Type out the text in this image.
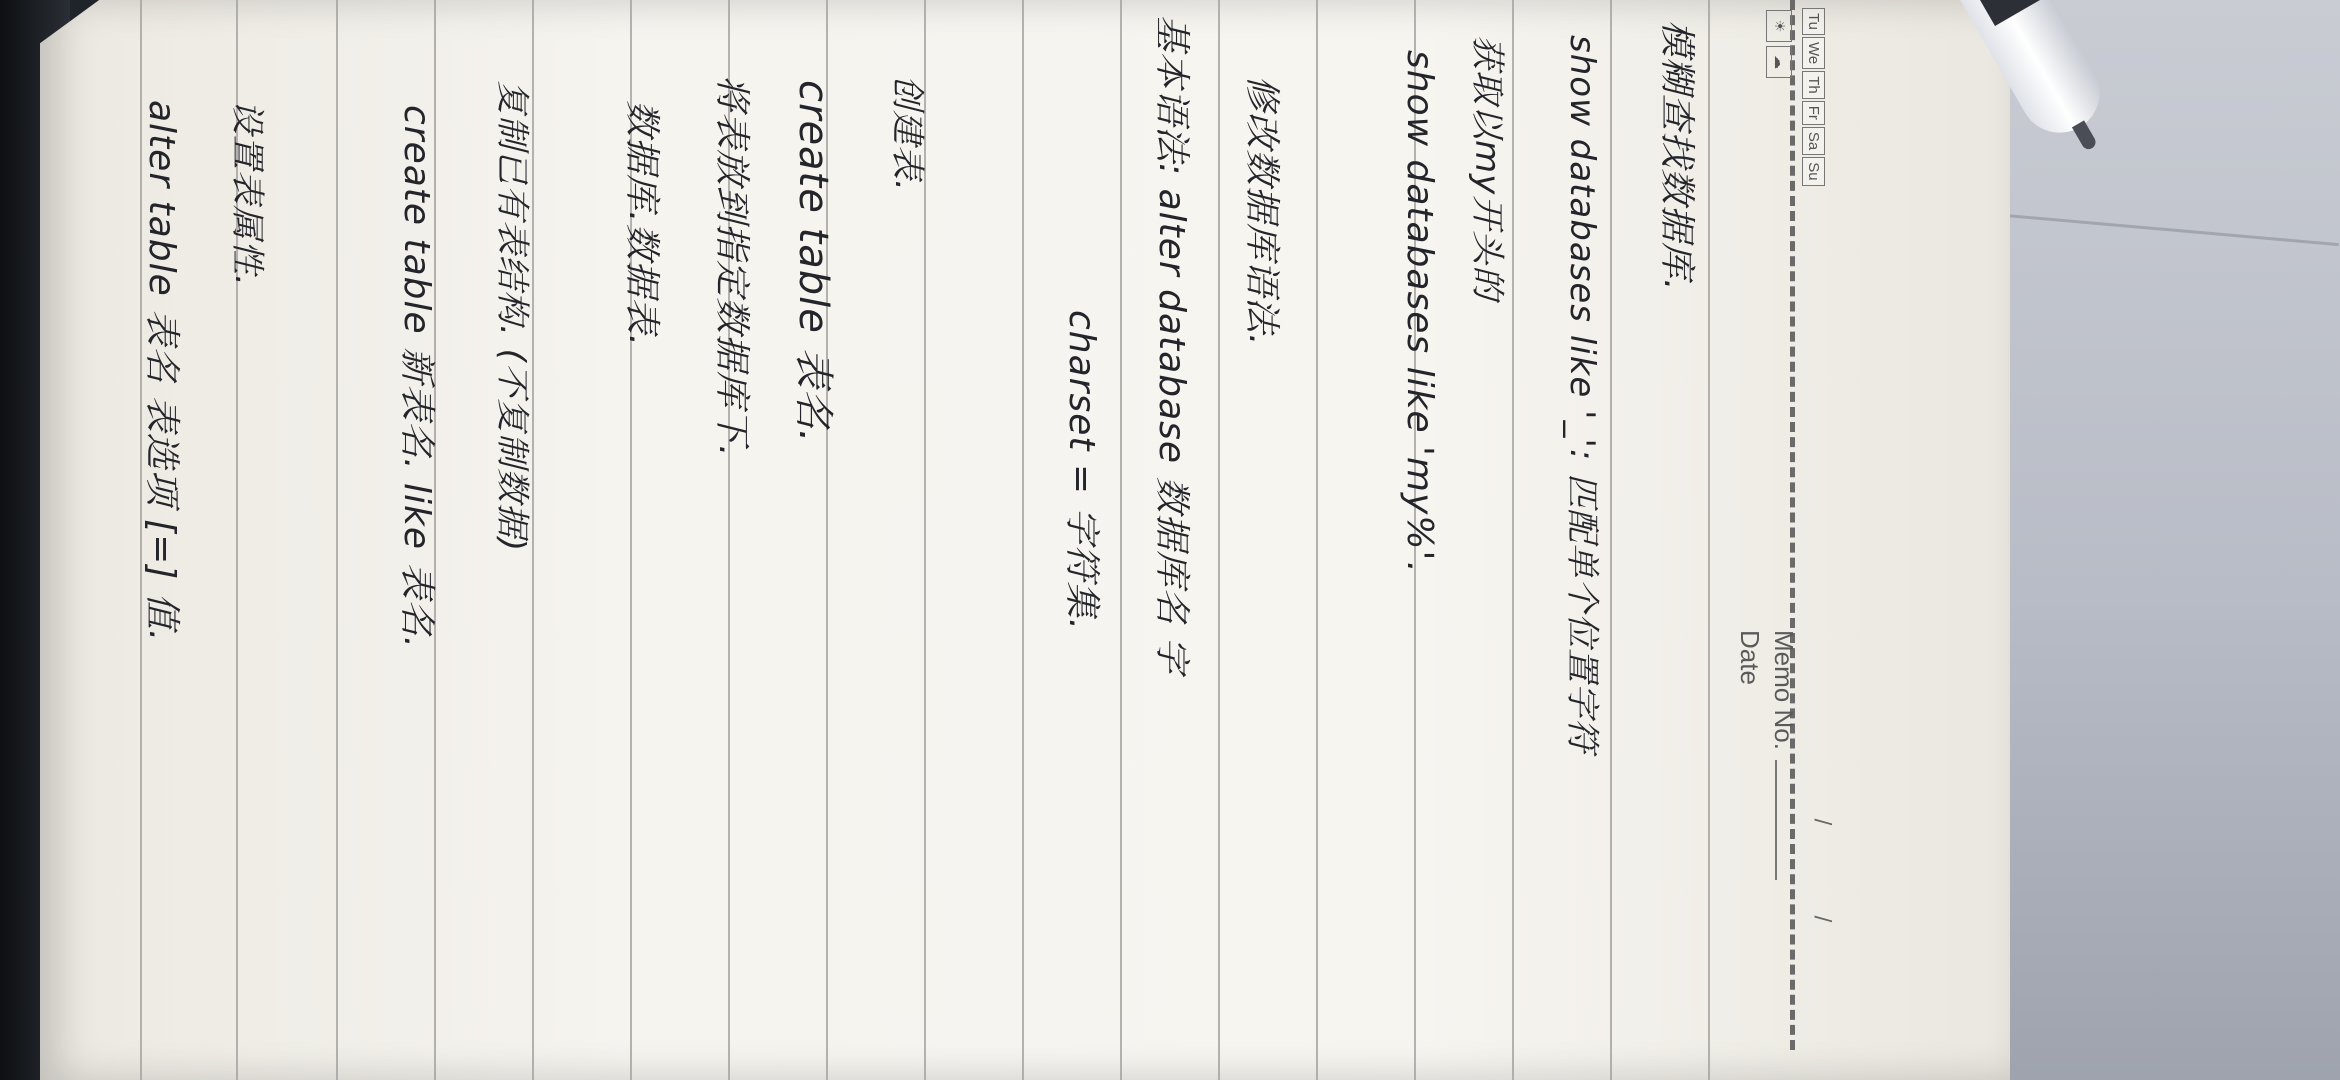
☀
☁
Tu
We
Th
Fr
Sa
Su
Memo No.
Date
/
/
模糊查找数据库.
show databases like '_': 匹配单个位置字符
获取以my开头的
show databases like 'my%'.
修改数据库语法.
基本语法: alter database 数据库名 字
charset = 字符集.
创建表.
create table 表名.
将表放到指定数据库下.
数据库.数据表.
复制已有表结构. (不复制数据)
create table 新表名. like 表名.
设置表属性.
alter table 表名 表选项 [=] 值.
